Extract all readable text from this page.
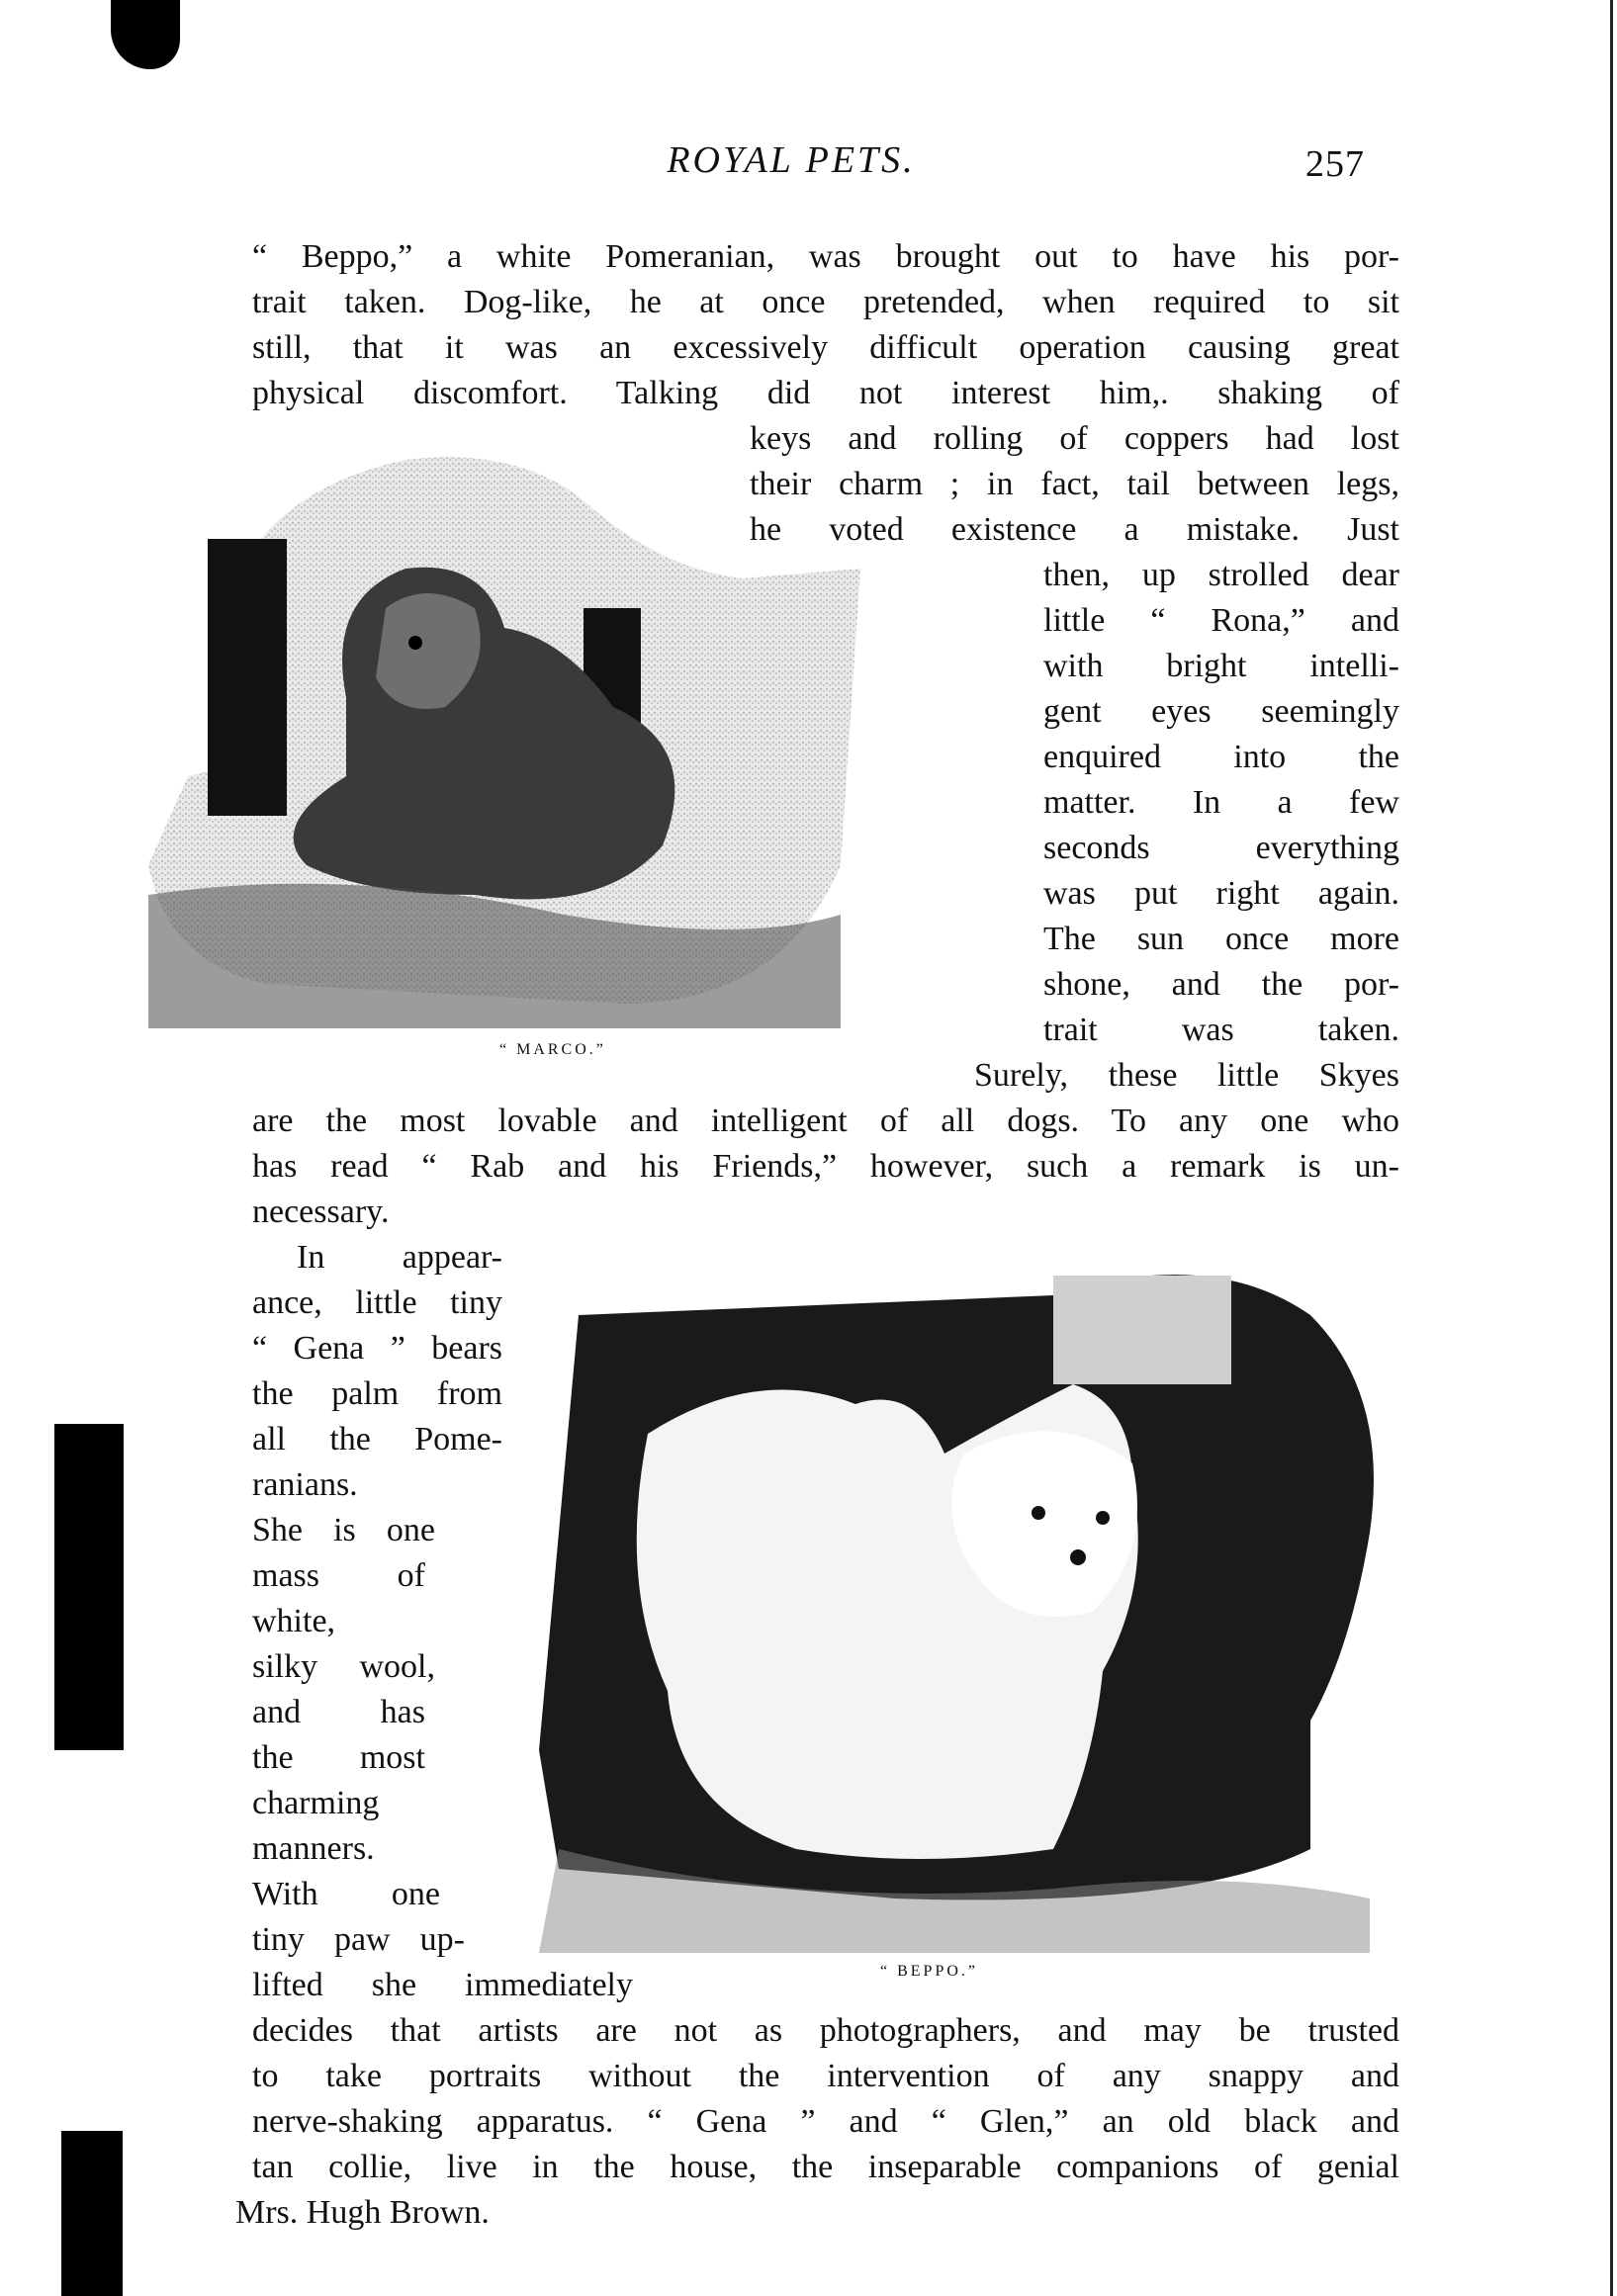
ROYAL PETS.	257
“ MARCO.”
“ BEPPO.”
“ Beppo,” a white Pomeranian, was brought out to have his por-
trait taken. Dog-like, he at once pretended, when required to sit
still, that it was an excessively difficult operation causing great
physical discomfort. Talking did not interest him,. shaking of
keys and rolling of coppers had lost
their charm ; in fact, tail between legs,
he voted existence a mistake. Just
then, up strolled dear
little “ Rona,” and
with bright intelli-
gent eyes seemingly
enquired into the
matter. In a few
seconds everything
was put right again.
The sun once more
shone, and the por-
trait was taken.
Surely, these little Skyes
are the most lovable and intelligent of all dogs. To any one who
has read “ Rab and his Friends,” however, such a remark is un-
necessary.
In appear-
ance, little tiny
“ Gena ” bears
the palm from
all the Pome-
ranians.
She is one
mass of
white,
silky wool,
and has
the most
charming
manners.
With one
tiny paw up-
lifted she immediately
decides that artists are not as photographers, and may be trusted
to take portraits without the intervention of any snappy and
nerve-shaking apparatus. “ Gena ” and “ Glen,” an old black and
tan collie, live in the house, the inseparable companions of genial
Mrs. Hugh Brown.
